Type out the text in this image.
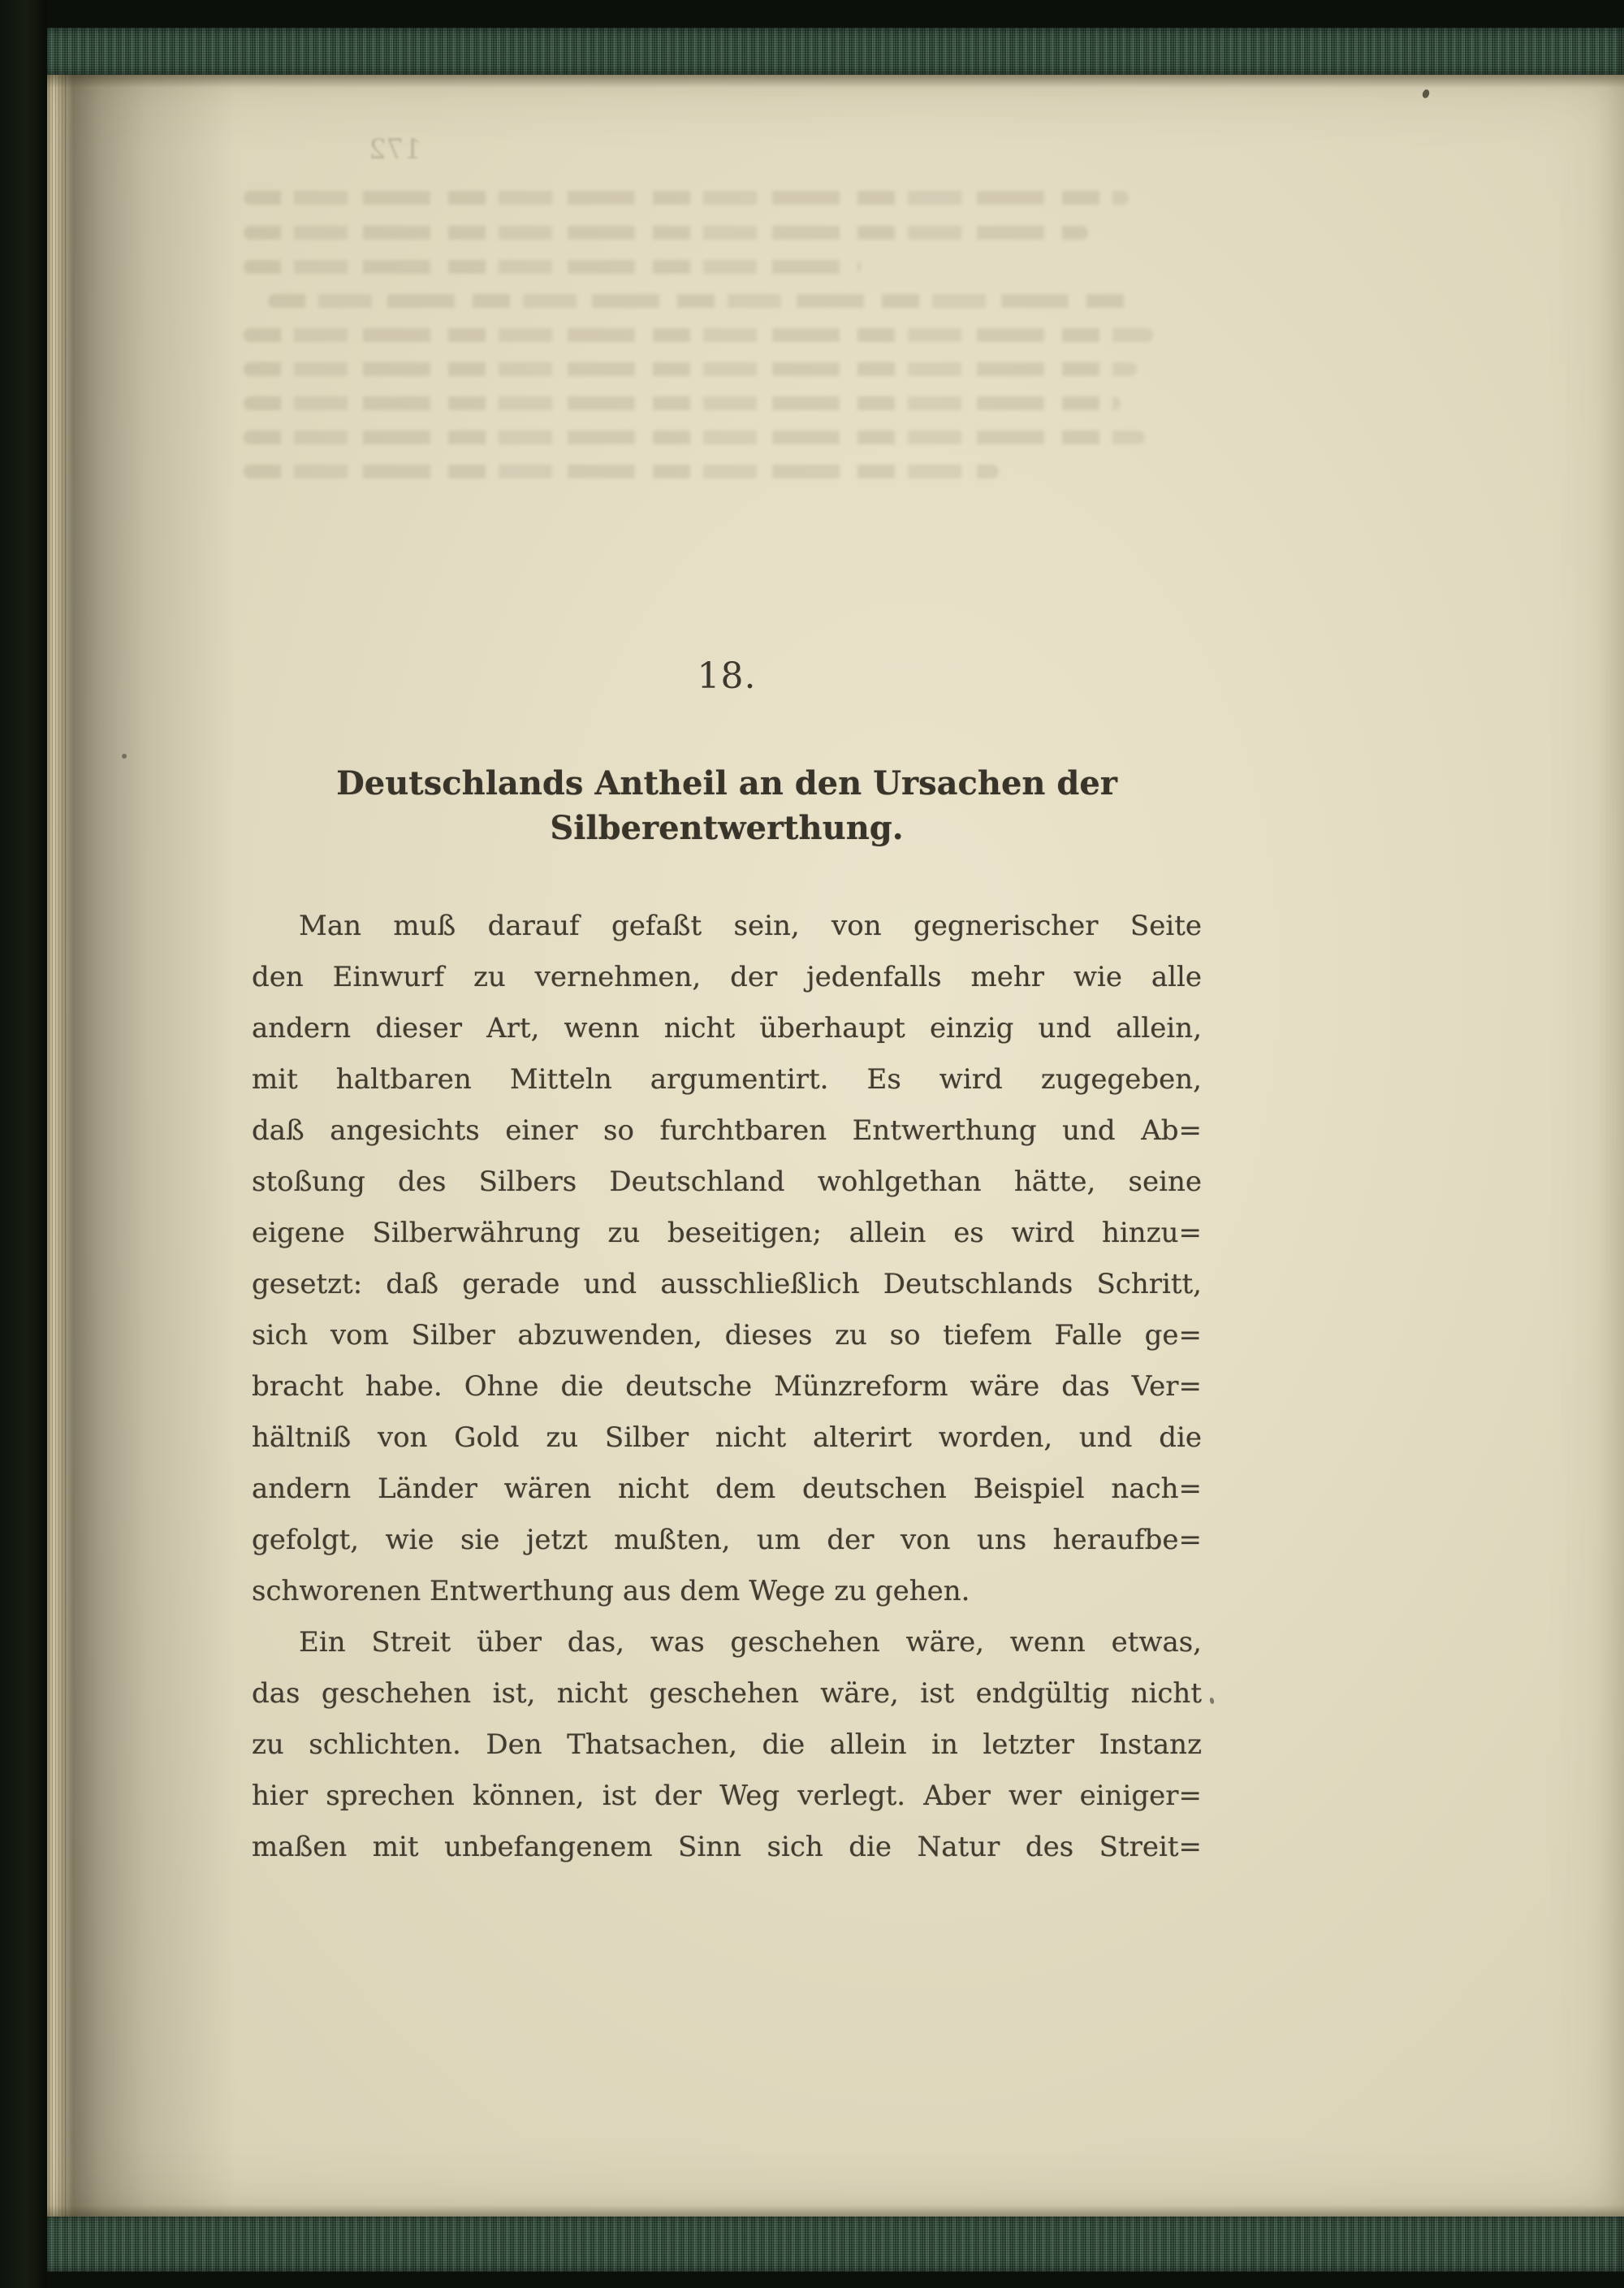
172
18.
Deutschlands Antheil an den Ursachen der
Silberentwerthung.
Man muß darauf gefaßt sein, von gegnerischer Seite
den Einwurf zu vernehmen, der jedenfalls mehr wie alle
andern dieser Art, wenn nicht überhaupt einzig und allein,
mit haltbaren Mitteln argumentirt. Es wird zugegeben,
daß angesichts einer so furchtbaren Entwerthung und Ab=
stoßung des Silbers Deutschland wohlgethan hätte, seine
eigene Silberwährung zu beseitigen; allein es wird hinzu=
gesetzt: daß gerade und ausschließlich Deutschlands Schritt,
sich vom Silber abzuwenden, dieses zu so tiefem Falle ge=
bracht habe. Ohne die deutsche Münzreform wäre das Ver=
hältniß von Gold zu Silber nicht alterirt worden, und die
andern Länder wären nicht dem deutschen Beispiel nach=
gefolgt, wie sie jetzt mußten, um der von uns heraufbe=
schworenen Entwerthung aus dem Wege zu gehen.
Ein Streit über das, was geschehen wäre, wenn etwas,
das geschehen ist, nicht geschehen wäre, ist endgültig nicht
zu schlichten. Den Thatsachen, die allein in letzter Instanz
hier sprechen können, ist der Weg verlegt. Aber wer einiger=
maßen mit unbefangenem Sinn sich die Natur des Streit=
